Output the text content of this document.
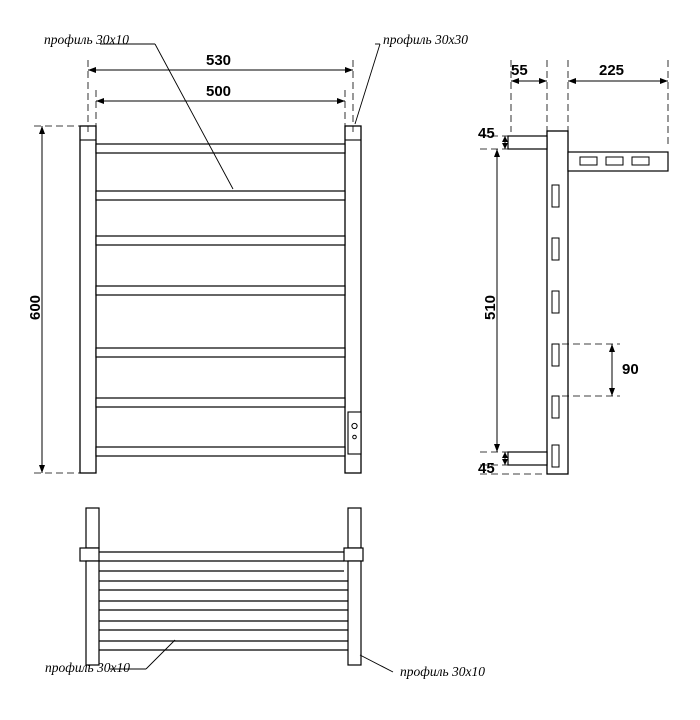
профиль 30x10	профиль 30x30
профиль 30x10	профиль 30x10
530
500
600
55	225
45
510
90
45
